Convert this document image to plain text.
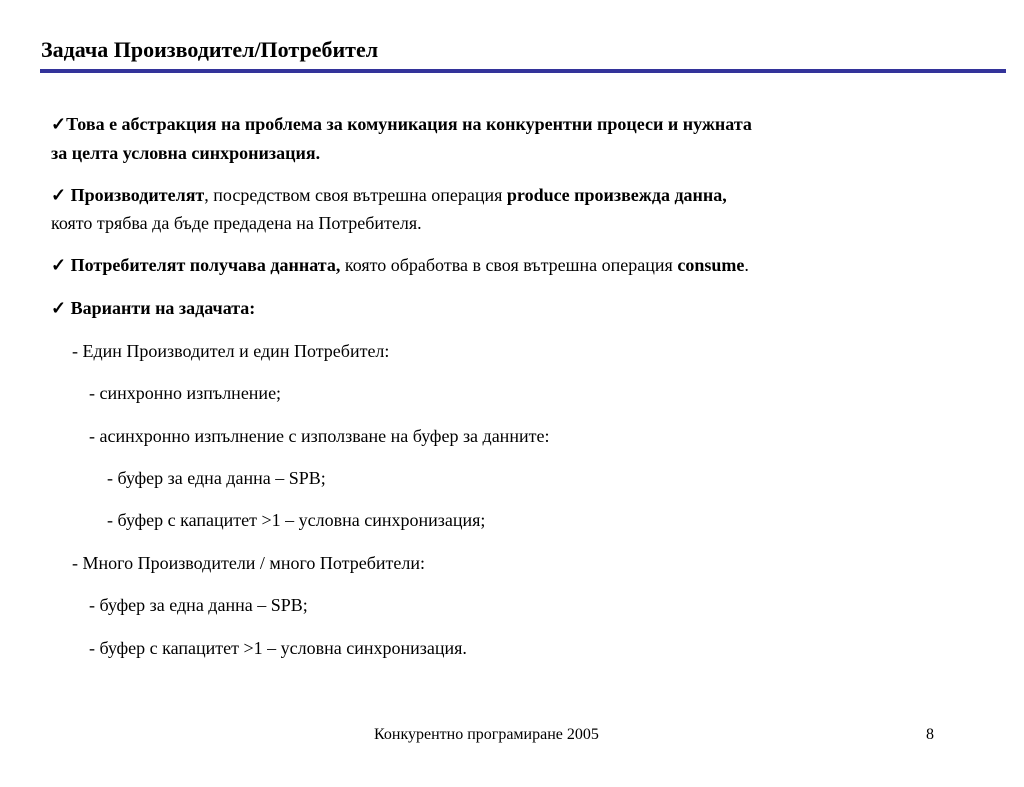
Задача Производител/Потребител
✓Това е абстракция на проблема за комуникация на конкурентни процеси и нужната
за целта условна синхронизация.
✓ Производителят, посредством своя вътрешна операция produce произвежда данна,
която трябва да бъде предадена на Потребителя.
✓ Потребителят получава данната, която обработва в своя вътрешна операция consume.
✓ Варианти на задачата:
- Един Производител и един Потребител:
- синхронно изпълнение;
- асинхронно изпълнение с използване на буфер за данните:
- буфер за една данна – SPB;
- буфер с капацитет >1 – условна синхронизация;
- Много Производители / много Потребители:
- буфер за една данна – SPB;
- буфер с капацитет >1 – условна синхронизация.
Конкурентно програмиране 2005	8
